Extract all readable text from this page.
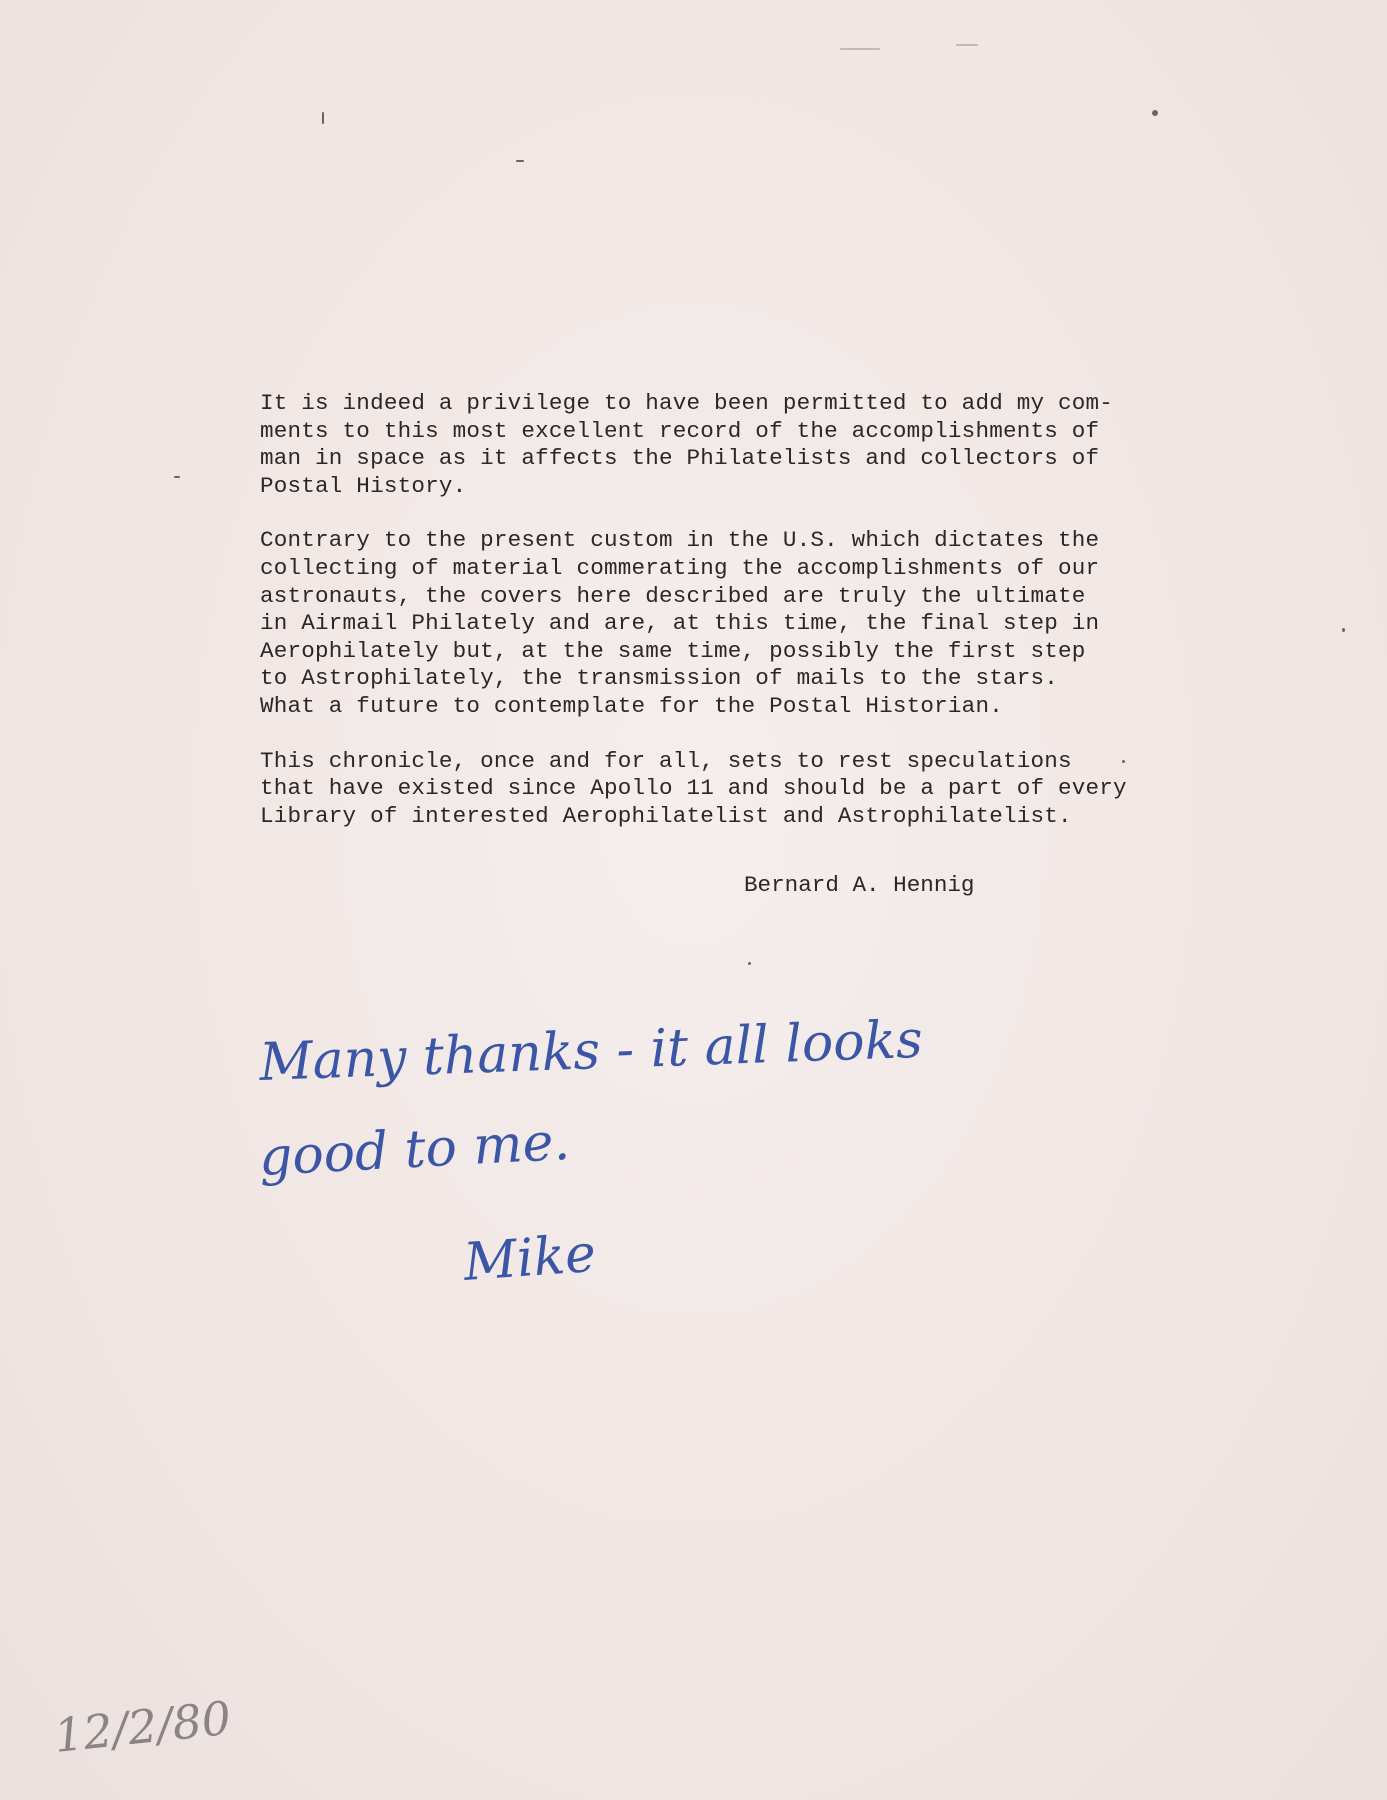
It is indeed a privilege to have been permitted to add my com-
ments to this most excellent record of the accomplishments of
man in space as it affects the Philatelists and collectors of
Postal History.
Contrary to the present custom in the U.S. which dictates the
collecting of material commerating the accomplishments of our
astronauts, the covers here described are truly the ultimate
in Airmail Philately and are, at this time, the final step in
Aerophilately but, at the same time, possibly the first step
to Astrophilately, the transmission of mails to the stars.
What a future to contemplate for the Postal Historian.
This chronicle, once and for all, sets to rest speculations
that have existed since Apollo 11 and should be a part of every
Library of interested Aerophilatelist and Astrophilatelist.
Bernard A. Hennig
Many thanks - it all looks
good to me.
Mike
12/2/80
